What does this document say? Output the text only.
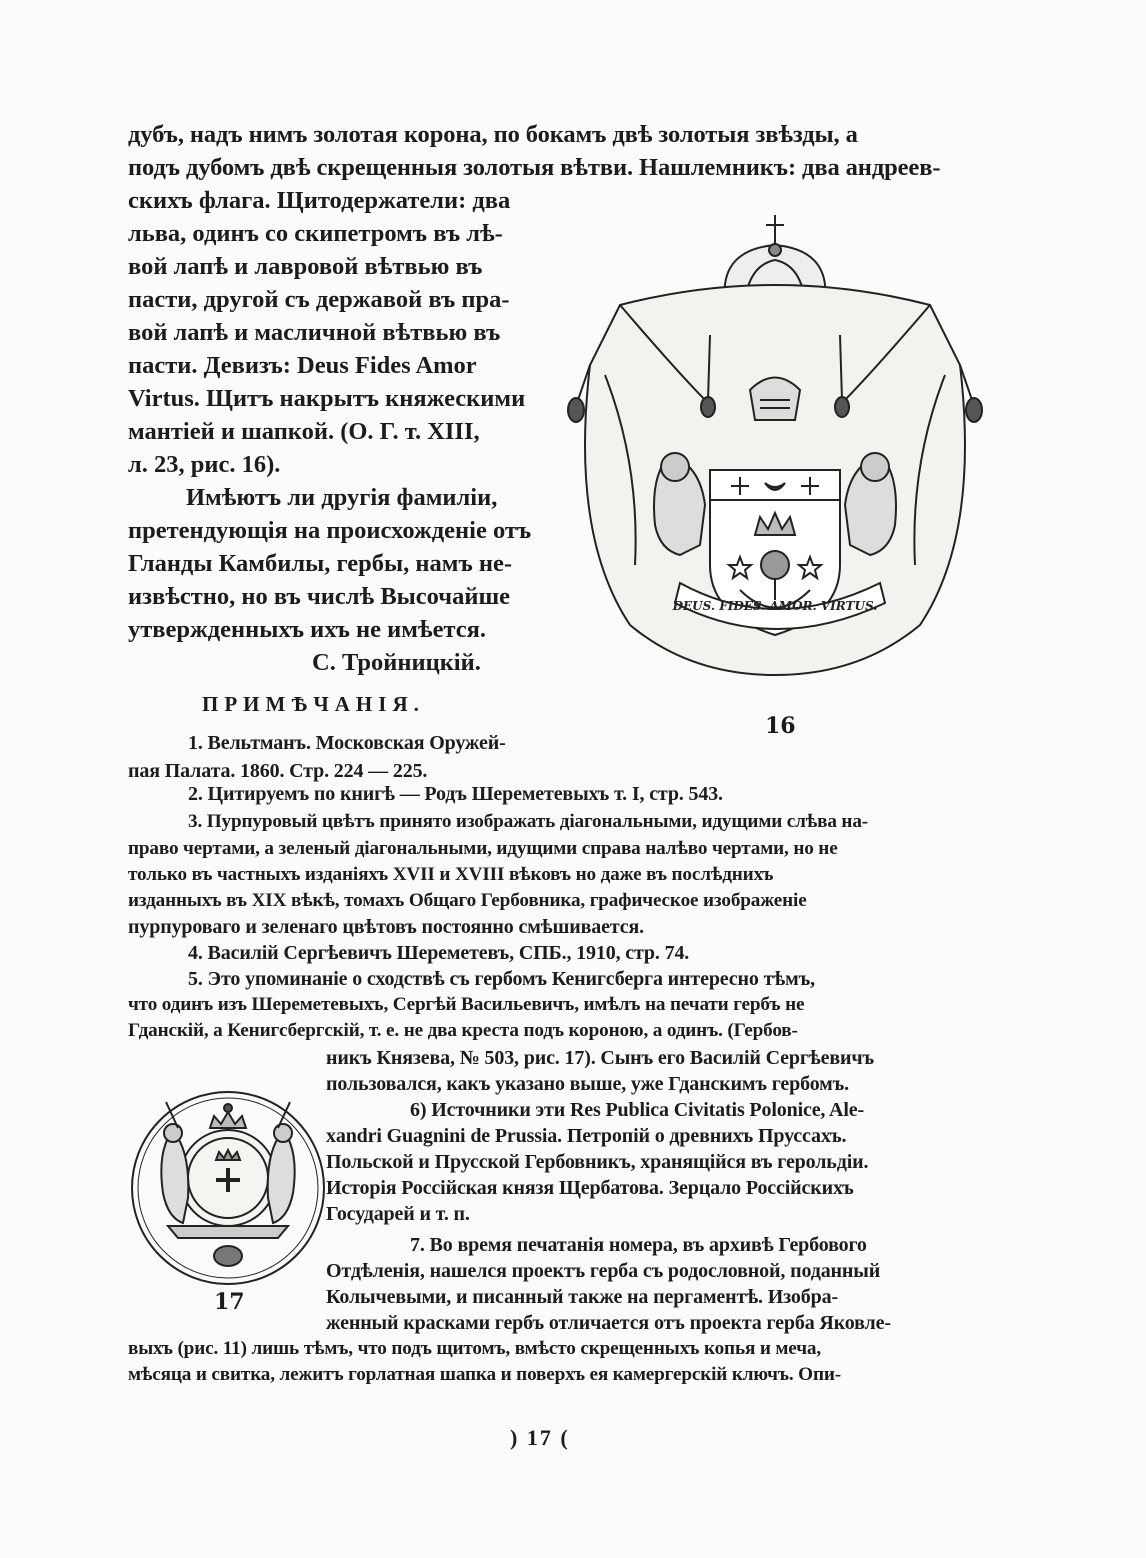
дубъ, надъ нимъ золотая корона, по бокамъ двѣ золотыя звѣзды, а
подъ дубомъ двѣ скрещенныя золотыя вѣтви. Нашлемникъ: два андреев-
скихъ флага. Щитодержатели: два
льва, одинъ со скипетромъ въ лѣ-
вой лапѣ и лавровой вѣтвью въ
пасти, другой съ державой въ пра-
вой лапѣ и масличной вѣтвью въ
пасти. Девизъ: Deus Fides Amor
Virtus. Щитъ накрытъ княжескими
мантіей и шапкой. (О. Г. т. XIII,
л. 23, рис. 16).
Имѣютъ ли другія фамиліи,
претендующія на происхожденіе отъ
Гланды Камбилы, гербы, намъ не-
извѣстно, но въ числѣ Высочайше
утвержденныхъ ихъ не имѣется.
С. Тройницкій.
DEUS. FIDES. AMOR. VIRTUS.
16
ПРИМѢЧАНІЯ.
1. Вельтманъ. Московская Оружей-
пая Палата. 1860. Стр. 224 — 225.
2. Цитируемъ по книгѣ — Родъ Шереметевыхъ т. I, стр. 543.
3. Пурпуровый цвѣтъ принято изображать діагональными, идущими слѣва на-
право чертами, а зеленый діагональными, идущими справа налѣво чертами, но не
только въ частныхъ изданіяхъ XVII и XVIII вѣковъ но даже въ послѣднихъ
изданныхъ въ XIX вѣкѣ, томахъ Общаго Гербовника, графическое изображеніе
пурпуроваго и зеленаго цвѣтовъ постоянно смѣшивается.
4. Василій Сергѣевичъ Шереметевъ, СПБ., 1910, стр. 74.
5. Это упоминаніе о сходствѣ съ гербомъ Кенигсберга интересно тѣмъ,
что одинъ изъ Шереметевыхъ, Сергѣй Васильевичъ, имѣлъ на печати гербъ не
Гданскій, а Кенигсбергскій, т. е. не два креста подъ короною, а одинъ. (Гербов-
никъ Князева, № 503, рис. 17). Сынъ его Василій Сергѣевичъ
пользовался, какъ указано выше, уже Гданскимъ гербомъ.
6) Источники эти Res Publica Civitatis Polonice, Ale-
xandri Guagnini de Prussia. Петропій о древнихъ Пруссахъ.
Польской и Прусской Гербовникъ, хранящійся въ герольдіи.
Исторія Россійская князя Щербатова. Зерцало Россійскихъ
Государей и т. п.
7. Во время печатанія номера, въ архивѣ Гербового
Отдѣленія, нашелся проектъ герба съ родословной, поданный
Колычевыми, и писанный также на пергаментѣ. Изобра-
женный красками гербъ отличается отъ проекта герба Яковле-
выхъ (рис. 11) лишь тѣмъ, что подъ щитомъ, вмѣсто скрещенныхъ копья и меча,
мѣсяца и свитка, лежитъ горлатная шапка и поверхъ ея камергерскій ключъ. Опи-
17
) 17 (
